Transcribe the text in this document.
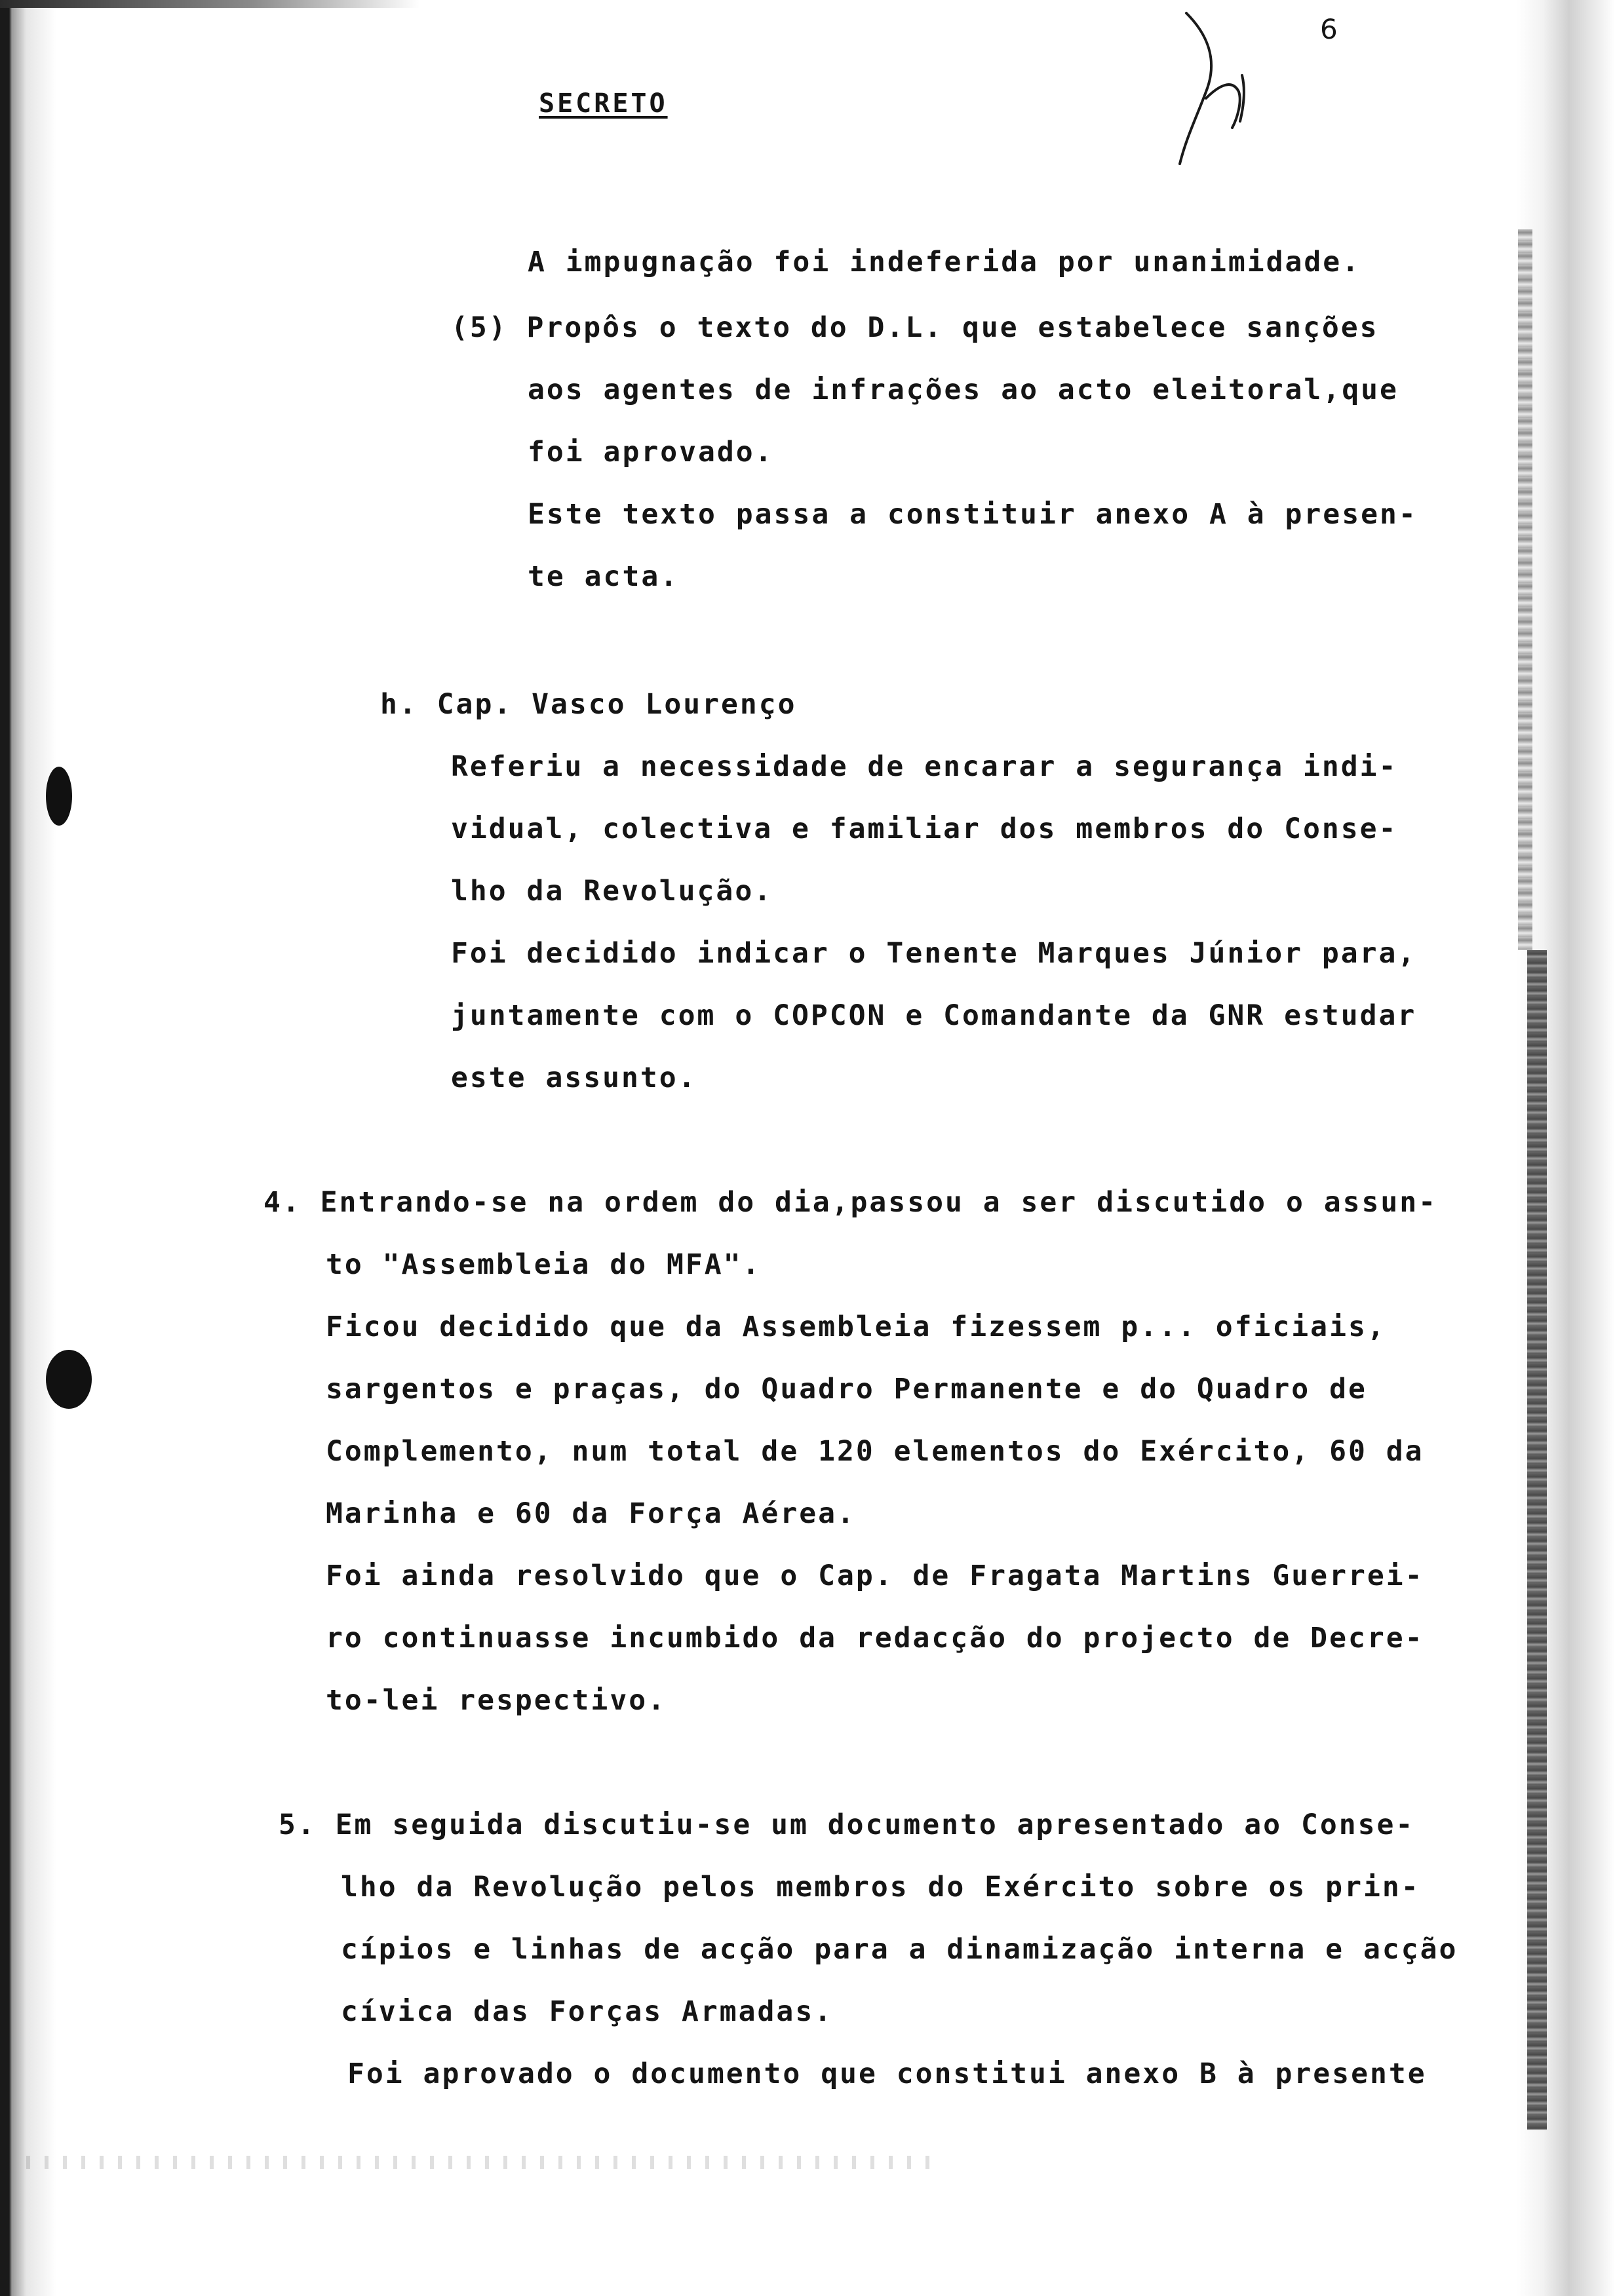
6
SECRETO
A impugnação foi indeferida por unanimidade.
(5) Propôs o texto do D.L. que estabelece sanções
aos agentes de infrações ao acto eleitoral,que
foi aprovado.
Este texto passa a constituir anexo A à presen-
te acta.
h. Cap. Vasco Lourenço
Referiu a necessidade de encarar a segurança indi-
vidual, colectiva e familiar dos membros do Conse-
lho da Revolução.
Foi decidido indicar o Tenente Marques Júnior para,
juntamente com o COPCON e Comandante da GNR estudar
este assunto.
4. Entrando-se na ordem do dia,passou a ser discutido o assun-
to "Assembleia do MFA".
Ficou decidido que da Assembleia fizessem p... oficiais,
sargentos e praças, do Quadro Permanente e do Quadro de
Complemento, num total de 120 elementos do Exército, 60 da
Marinha e 60 da Força Aérea.
Foi ainda resolvido que o Cap. de Fragata Martins Guerrei-
ro continuasse incumbido da redacção do projecto de Decre-
to-lei respectivo.
5. Em seguida discutiu-se um documento apresentado ao Conse-
lho da Revolução pelos membros do Exército sobre os prin-
cípios e linhas de acção para a dinamização interna e acção
cívica das Forças Armadas.
Foi aprovado o documento que constitui anexo B à presente
